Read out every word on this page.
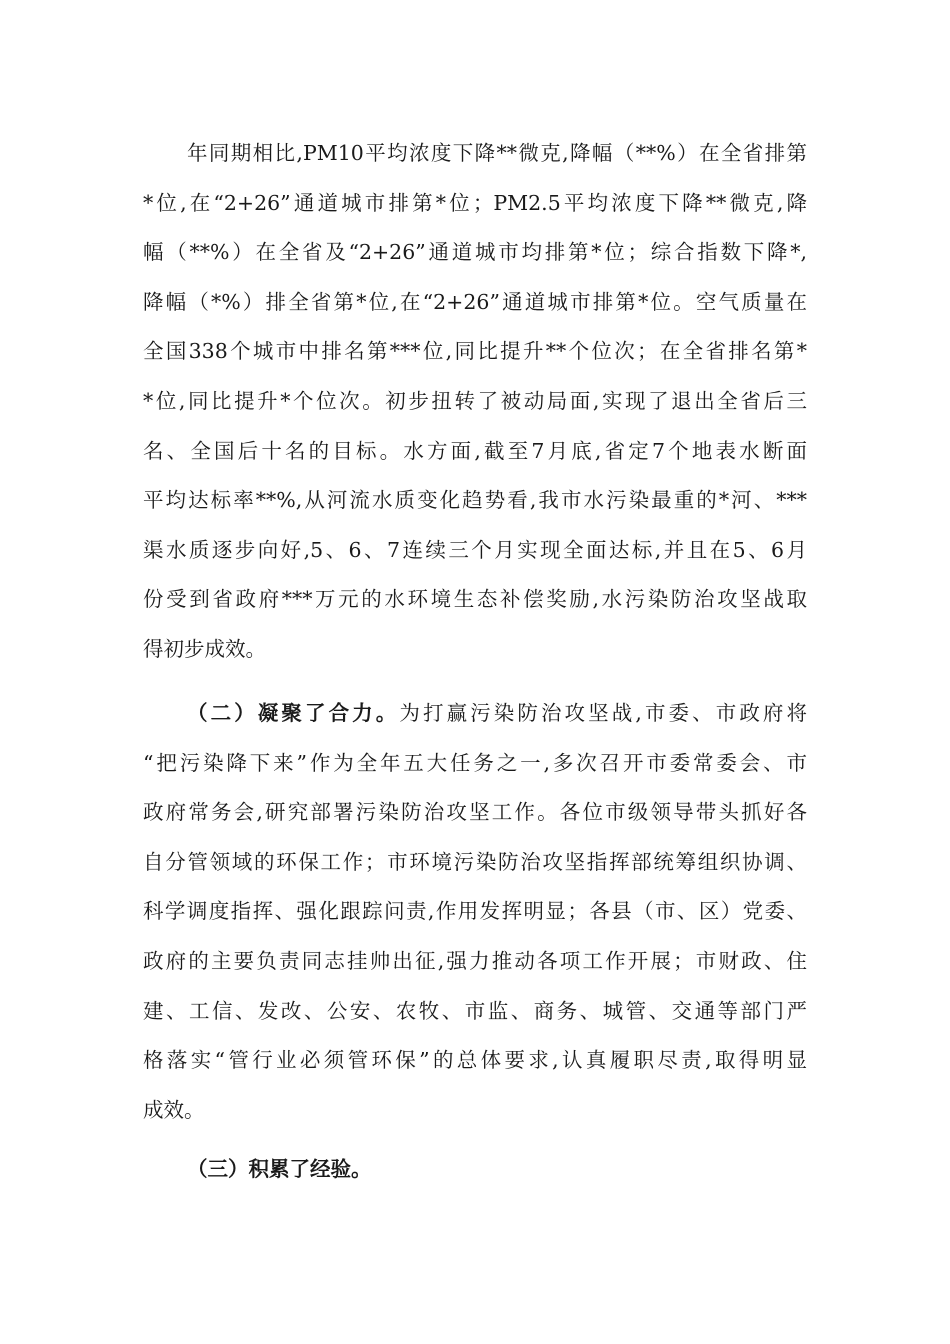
年同期相比,PM10平均浓度下降**微克,降幅（**%）在全省排第
*位,在“2+26”通道城市排第*位；PM2.5平均浓度下降**微克,降
幅（**%）在全省及“2+26”通道城市均排第*位；综合指数下降*,
降幅（*%）排全省第*位,在“2+26”通道城市排第*位。空气质量在
全国338个城市中排名第***位,同比提升**个位次；在全省排名第*
*位,同比提升*个位次。初步扭转了被动局面,实现了退出全省后三
名、全国后十名的目标。水方面,截至7月底,省定7个地表水断面
平均达标率**%,从河流水质变化趋势看,我市水污染最重的*河、***
渠水质逐步向好,5、6、7连续三个月实现全面达标,并且在5、6月
份受到省政府***万元的水环境生态补偿奖励,水污染防治攻坚战取
得初步成效。
（二）凝聚了合力。为打赢污染防治攻坚战,市委、市政府将
“把污染降下来”作为全年五大任务之一,多次召开市委常委会、市
政府常务会,研究部署污染防治攻坚工作。各位市级领导带头抓好各
自分管领域的环保工作；市环境污染防治攻坚指挥部统筹组织协调、
科学调度指挥、强化跟踪问责,作用发挥明显；各县（市、区）党委、
政府的主要负责同志挂帅出征,强力推动各项工作开展；市财政、住
建、工信、发改、公安、农牧、市监、商务、城管、交通等部门严
格落实“管行业必须管环保”的总体要求,认真履职尽责,取得明显
成效。
（三）积累了经验。
